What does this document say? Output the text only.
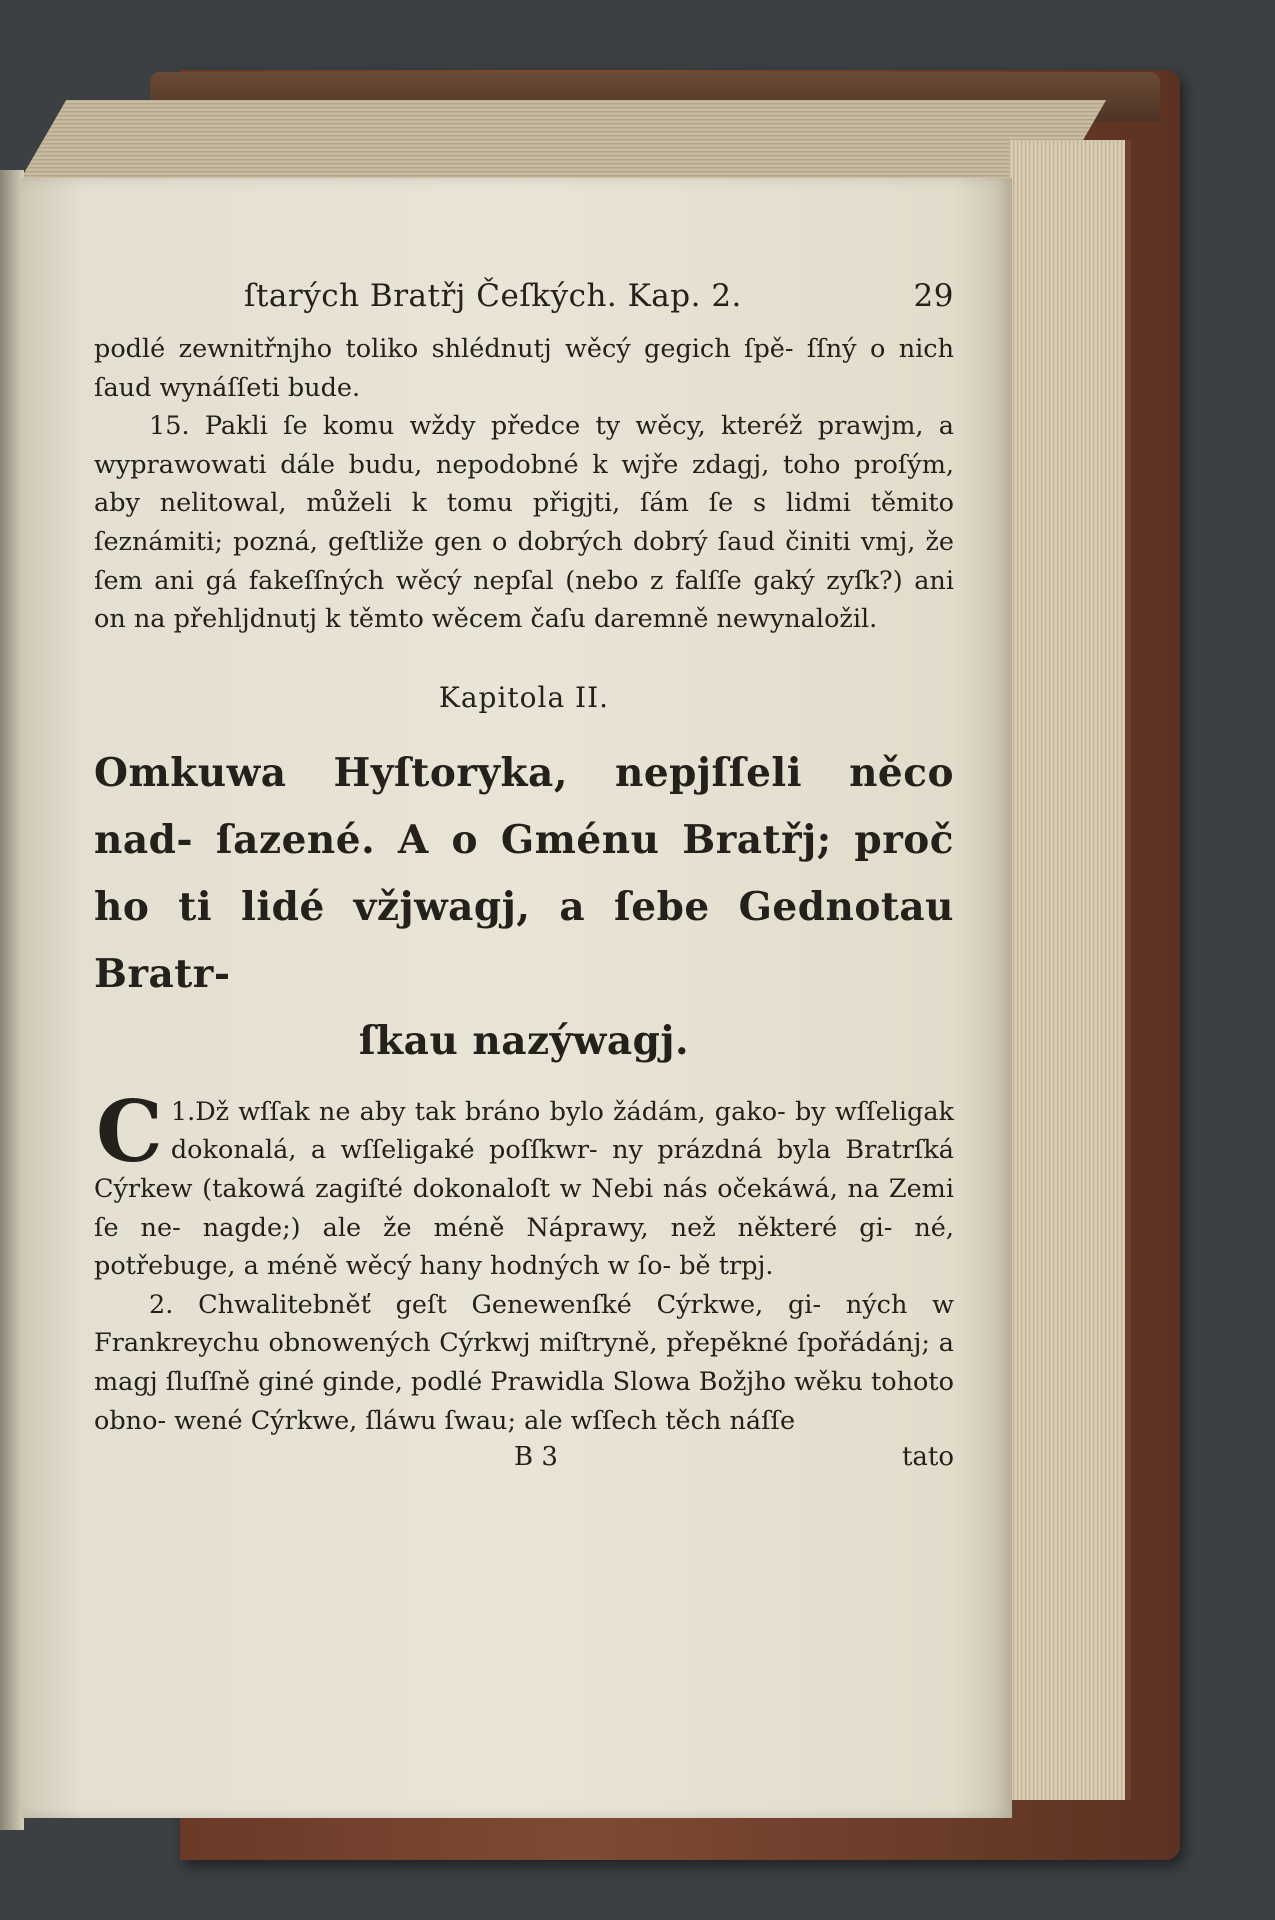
ſtarých Bratřj Čeſkých. Kap. 2.	29

podlé zewnitřnjho toliko shlédnutj wěcý gegich ſpě- ſſný o nich ſaud wynáſſeti bude.

15. Pakli ſe komu wždy předce ty wěcy, kteréž prawjm, a wyprawowati dále budu, nepodobné k wjře zdagj, toho proſým, aby nelitowal, můželi k tomu přigjti, ſám ſe s lidmi těmito ſeznámiti; pozná, geſtliže gen o dobrých dobrý ſaud činiti vmj, že ſem ani gá fakeſſných wěcý nepſal (nebo z falſſe gaký zyſk?) ani on na přehljdnutj k těmto wěcem čaſu daremně newynaložil.

Kapitola II.
Omkuwa Hyſtoryka, nepjſſeli něco nad- ſazené. A o Gménu Bratřj; proč ho ti lidé vžjwagj, a ſebe Gednotau Bratr-
ſkau nazýwagj.

1.
C Dž wſſak ne aby tak bráno bylo žádám, gako- by wſſeligak dokonalá, a wſſeligaké poſſkwr- ny prázdná byla Bratrſká Cýrkew (takowá zagiſté dokonaloſt w Nebi nás očekáwá, na Zemi ſe ne- nagde;) ale že méně Náprawy, než některé gi- né, potřebuge, a méně wěcý hany hodných w ſo- bě trpj.

2. Chwalitebněť geſt Genewenſké Cýrkwe, gi- ných w Frankreychu obnowených Cýrkwj miſtryně, přepěkné ſpořádánj; a magj ſluſſně giné ginde, podlé Prawidla Slowa Božjho wěku tohoto obno- wené Cýrkwe, ſláwu ſwau; ale wſſech těch náſſe

B 3	tato
